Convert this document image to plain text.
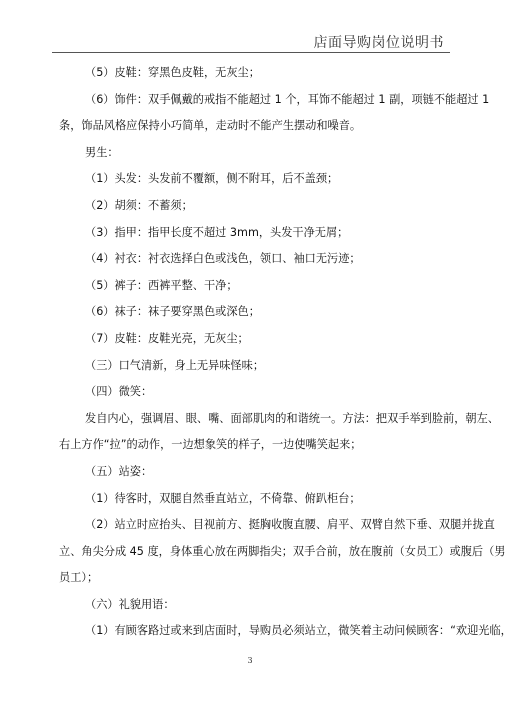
店面导购岗位说明书
（5）皮鞋：穿黑色皮鞋，无灰尘；
（6）饰件：双手佩戴的戒指不能超过 1 个，耳饰不能超过 1 副，项链不能超过 1
条，饰品风格应保持小巧简单，走动时不能产生摆动和噪音。
男生：
（1）头发：头发前不覆额，侧不附耳，后不盖颈；
（2）胡须：不蓄须；
（3）指甲：指甲长度不超过 3mm，头发干净无屑；
（4）衬衣：衬衣选择白色或浅色，领口、袖口无污迹；
（5）裤子：西裤平整、干净；
（6）袜子：袜子要穿黑色或深色；
（7）皮鞋：皮鞋光亮，无灰尘；
（三）口气清新，身上无异味怪味；
（四）微笑：
发自内心，强调眉、眼、嘴、面部肌肉的和谐统一。方法：把双手举到脸前，朝左、
右上方作“拉”的动作，一边想象笑的样子，一边使嘴笑起来；
（五）站姿：
（1）待客时，双腿自然垂直站立，不倚靠、俯趴柜台；
（2）站立时应抬头、目视前方、挺胸收腹直腰、肩平、双臂自然下垂、双腿并拢直
立、角尖分成 45 度，身体重心放在两脚指尖；双手合前，放在腹前（女员工）或腹后（男
员工）；
（六）礼貌用语：
（1）有顾客路过或来到店面时，导购员必须站立，微笑着主动问候顾客：“欢迎光临，
3
